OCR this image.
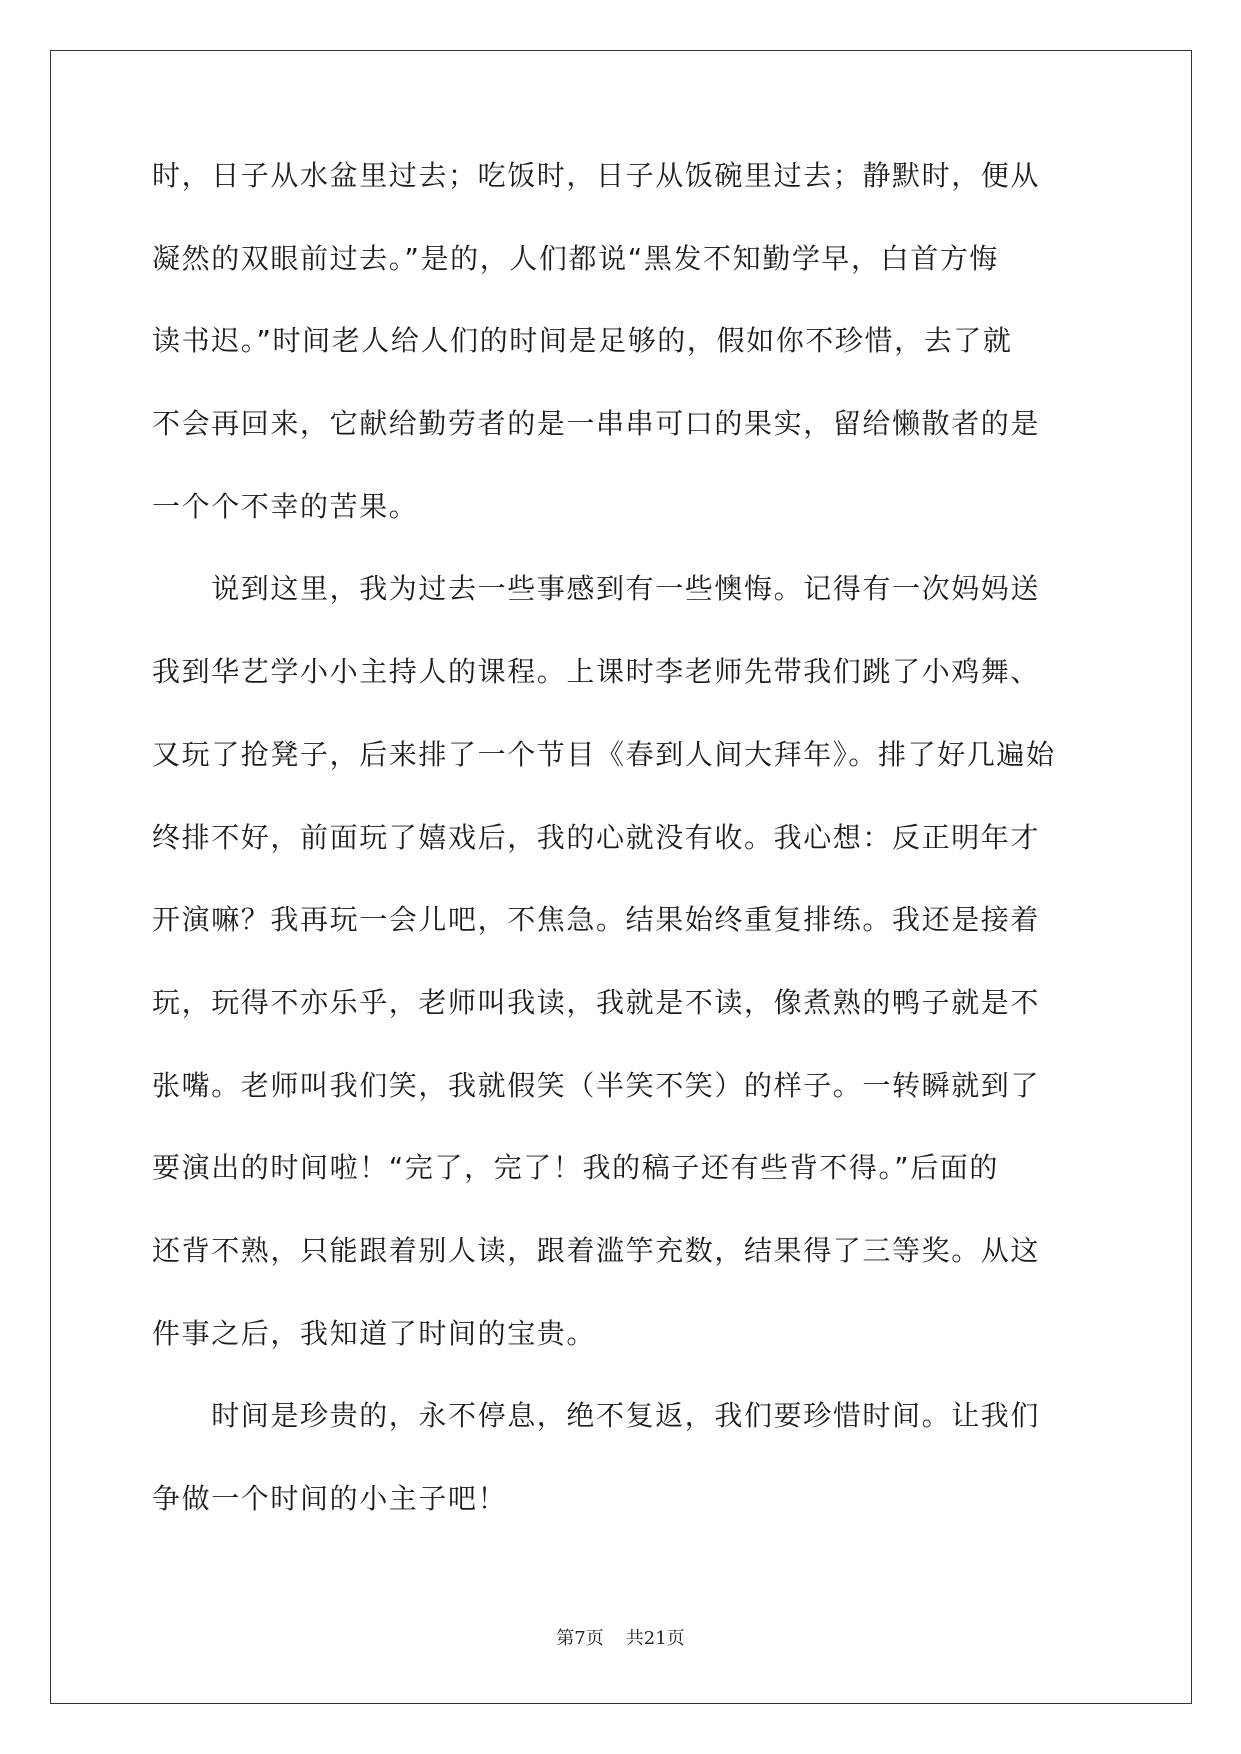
时，日子从水盆里过去；吃饭时，日子从饭碗里过去；静默时，便从
凝然的双眼前过去。”是的，人们都说“黑发不知勤学早，白首方悔
读书迟。”时间老人给人们的时间是足够的，假如你不珍惜，去了就
不会再回来，它献给勤劳者的是一串串可口的果实，留给懒散者的是
一个个不幸的苦果。
　　说到这里，我为过去一些事感到有一些懊悔。记得有一次妈妈送
我到华艺学小小主持人的课程。上课时李老师先带我们跳了小鸡舞、
又玩了抢凳子，后来排了一个节目《春到人间大拜年》。排了好几遍始
终排不好，前面玩了嬉戏后，我的心就没有收。我心想：反正明年才
开演嘛？我再玩一会儿吧，不焦急。结果始终重复排练。我还是接着
玩，玩得不亦乐乎，老师叫我读，我就是不读，像煮熟的鸭子就是不
张嘴。老师叫我们笑，我就假笑（半笑不笑）的样子。一转瞬就到了
要演出的时间啦！“完了，完了！我的稿子还有些背不得。”后面的
还背不熟，只能跟着别人读，跟着滥竽充数，结果得了三等奖。从这
件事之后，我知道了时间的宝贵。
　　时间是珍贵的，永不停息，绝不复返，我们要珍惜时间。让我们
争做一个时间的小主子吧！
第7页 共21页
